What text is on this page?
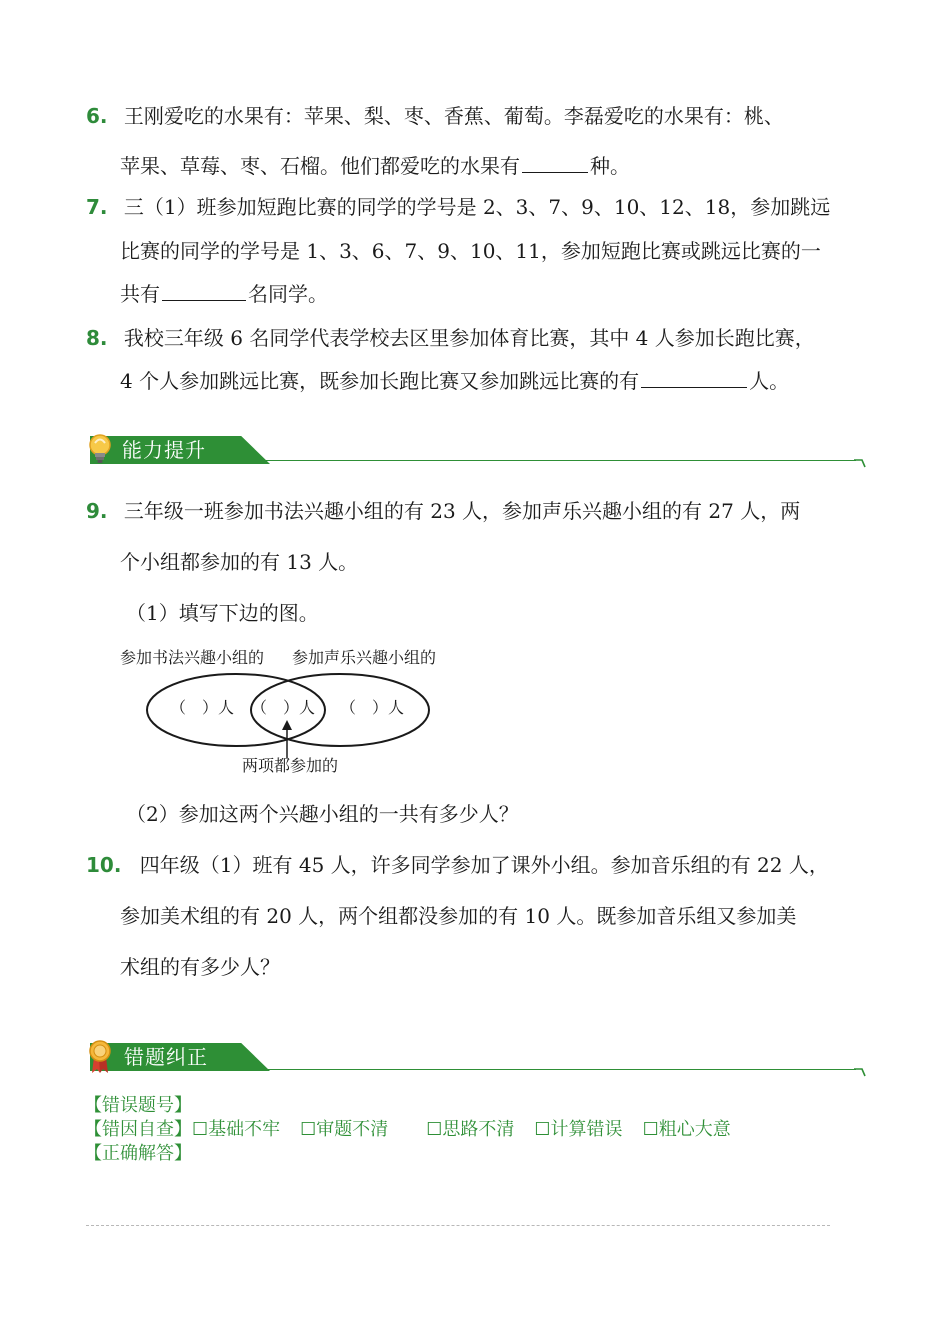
6. 王刚爱吃的水果有：苹果、梨、枣、香蕉、葡萄。李磊爱吃的水果有：桃、
苹果、草莓、枣、石榴。他们都爱吃的水果有	种。
7. 三（1）班参加短跑比赛的同学的学号是 2、3、7、9、10、12、18，参加跳远
比赛的同学的学号是 1、3、6、7、9、10、11，参加短跑比赛或跳远比赛的一
共有	名同学。
8. 我校三年级 6 名同学代表学校去区里参加体育比赛，其中 4 人参加长跑比赛，
4 个人参加跳远比赛，既参加长跑比赛又参加跳远比赛的有	人。
能力提升
9. 三年级一班参加书法兴趣小组的有 23 人，参加声乐兴趣小组的有 27 人，两
个小组都参加的有 13 人。
（1）填写下边的图。
参加书法兴趣小组的 参加声乐兴趣小组的
（　）人 （　）人 （　）人
两项都参加的
（2）参加这两个兴趣小组的一共有多少人？
10. 四年级（1）班有 45 人，许多同学参加了课外小组。参加音乐组的有 22 人，
参加美术组的有 20 人，两个组都没参加的有 10 人。既参加音乐组又参加美
术组的有多少人？
错题纠正
【错误题号】
【错因自查】☐基础不牢 ☐审题不清 ☐思路不清 ☐计算错误 ☐粗心大意
【正确解答】
